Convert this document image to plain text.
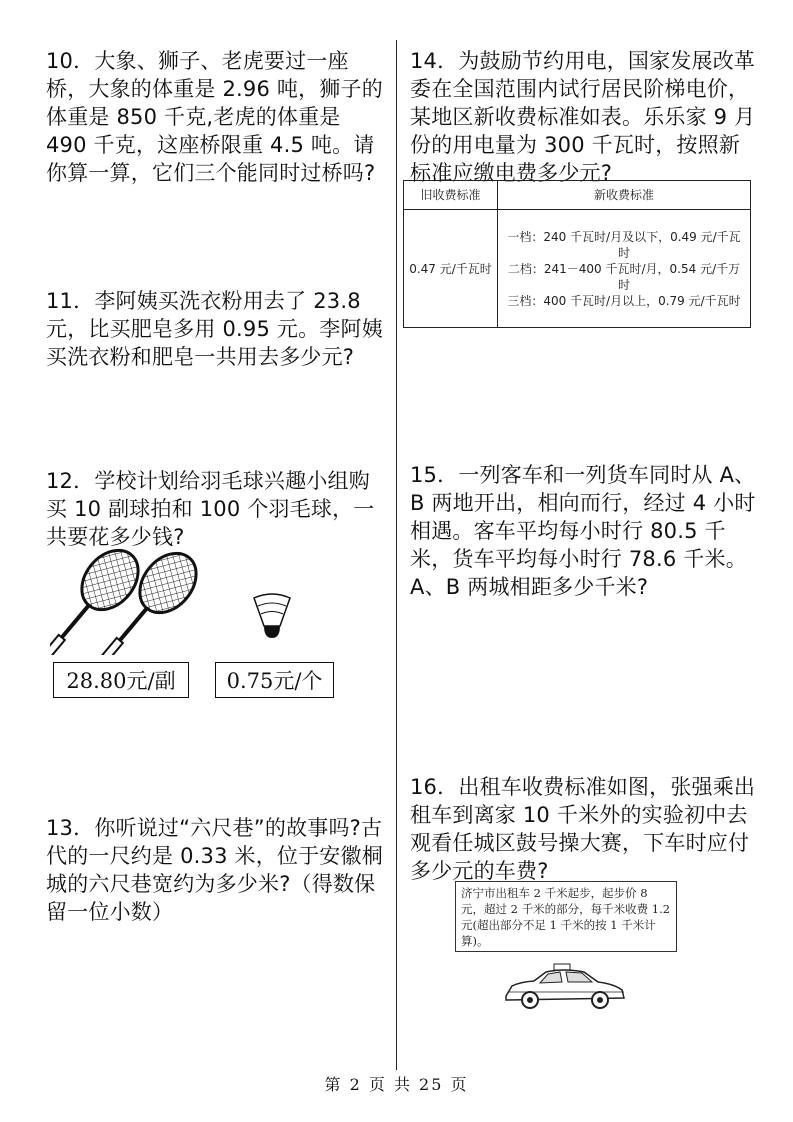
10．大象、狮子、老虎要过一座桥，大象的体重是 2.96 吨，狮子的体重是 850 千克,老虎的体重是 490 千克，这座桥限重 4.5 吨。请你算一算，它们三个能同时过桥吗?

11．李阿姨买洗衣粉用去了 23.8 元，比买肥皂多用 0.95 元。李阿姨买洗衣粉和肥皂一共用去多少元?

12．学校计划给羽毛球兴趣小组购买 10 副球拍和 100 个羽毛球，一共要花多少钱?

28.80元/副	0.75元/个

13．你听说过“六尺巷”的故事吗?古代的一尺约是 0.33 米，位于安徽桐城的六尺巷宽约为多少米?（得数保留一位小数）

14．为鼓励节约用电，国家发展改革委在全国范围内试行居民阶梯电价，某地区新收费标准如表。乐乐家 9 月份的用电量为 300 千瓦时，按照新标准应缴电费多少元?

旧收费标准	新收费标准
0.47 元/千瓦时	一档：240 千瓦时/月及以下，0.49 元/千瓦时
二档：241－400 千瓦时/月，0.54 元/千万时
三档：400 千瓦时/月以上，0.79 元/千瓦时

15．一列客车和一列货车同时从 A、B 两地开出，相向而行，经过 4 小时相遇。客车平均每小时行 80.5 千米，货车平均每小时行 78.6 千米。A、B 两城相距多少千米?

16．出租车收费标准如图，张强乘出租车到离家 10 千米外的实验初中去观看任城区鼓号操大赛，下车时应付多少元的车费?

济宁市出租车 2 千米起步，起步价 8 元，超过 2 千米的部分，每千米收费 1.2 元(超出部分不足 1 千米的按 1 千米计算)。
第 2 页 共 25 页
